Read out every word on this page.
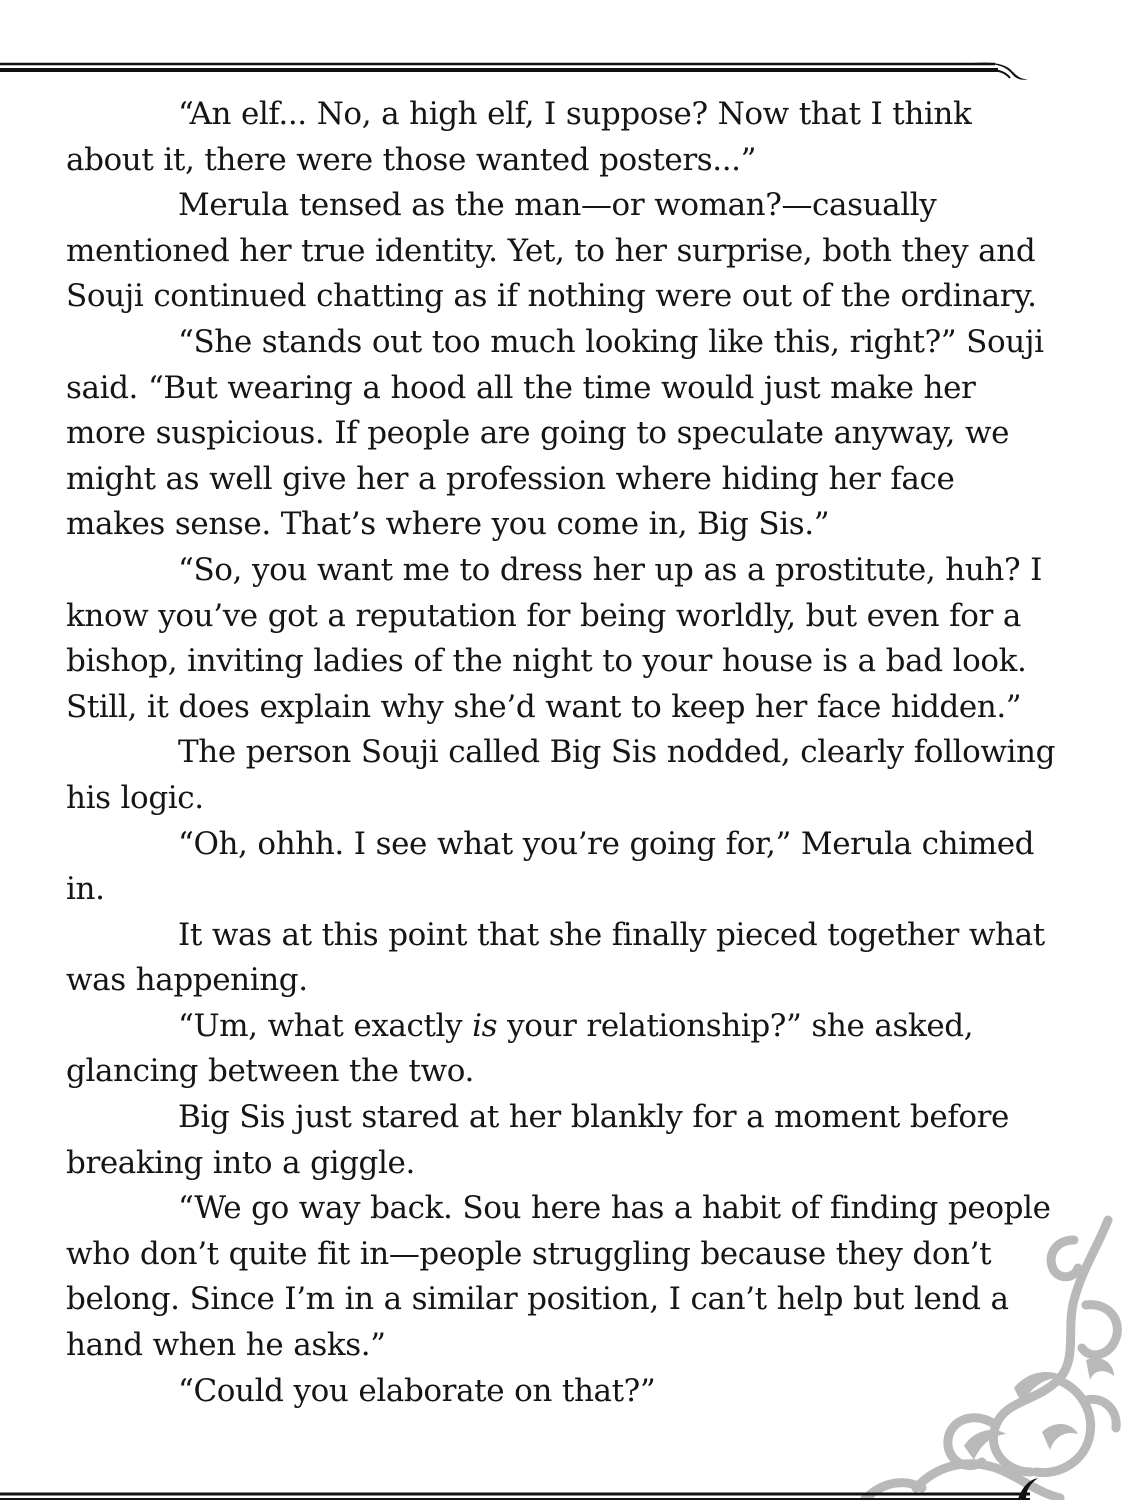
“An elf... No, a high elf, I suppose? Now that I think about it, there were those wanted posters...”

Merula tensed as the man—or woman?—casually mentioned her true identity. Yet, to her surprise, both they and Souji continued chatting as if nothing were out of the ordinary.

“She stands out too much looking like this, right?” Souji said. “But wearing a hood all the time would just make her more suspicious. If people are going to speculate anyway, we might as well give her a profession where hiding her face makes sense. That’s where you come in, Big Sis.”

“So, you want me to dress her up as a prostitute, huh? I know you’ve got a reputation for being worldly, but even for a bishop, inviting ladies of the night to your house is a bad look. Still, it does explain why she’d want to keep her face hidden.”

The person Souji called Big Sis nodded, clearly following his logic.

“Oh, ohhh. I see what you’re going for,” Merula chimed in.

It was at this point that she finally pieced together what was happening.

“Um, what exactly is your relationship?” she asked, glancing between the two.

Big Sis just stared at her blankly for a moment before breaking into a giggle.

“We go way back. Sou here has a habit of finding people who don’t quite fit in—people struggling because they don’t belong. Since I’m in a similar position, I can’t help but lend a hand when he asks.”

“Could you elaborate on that?”
